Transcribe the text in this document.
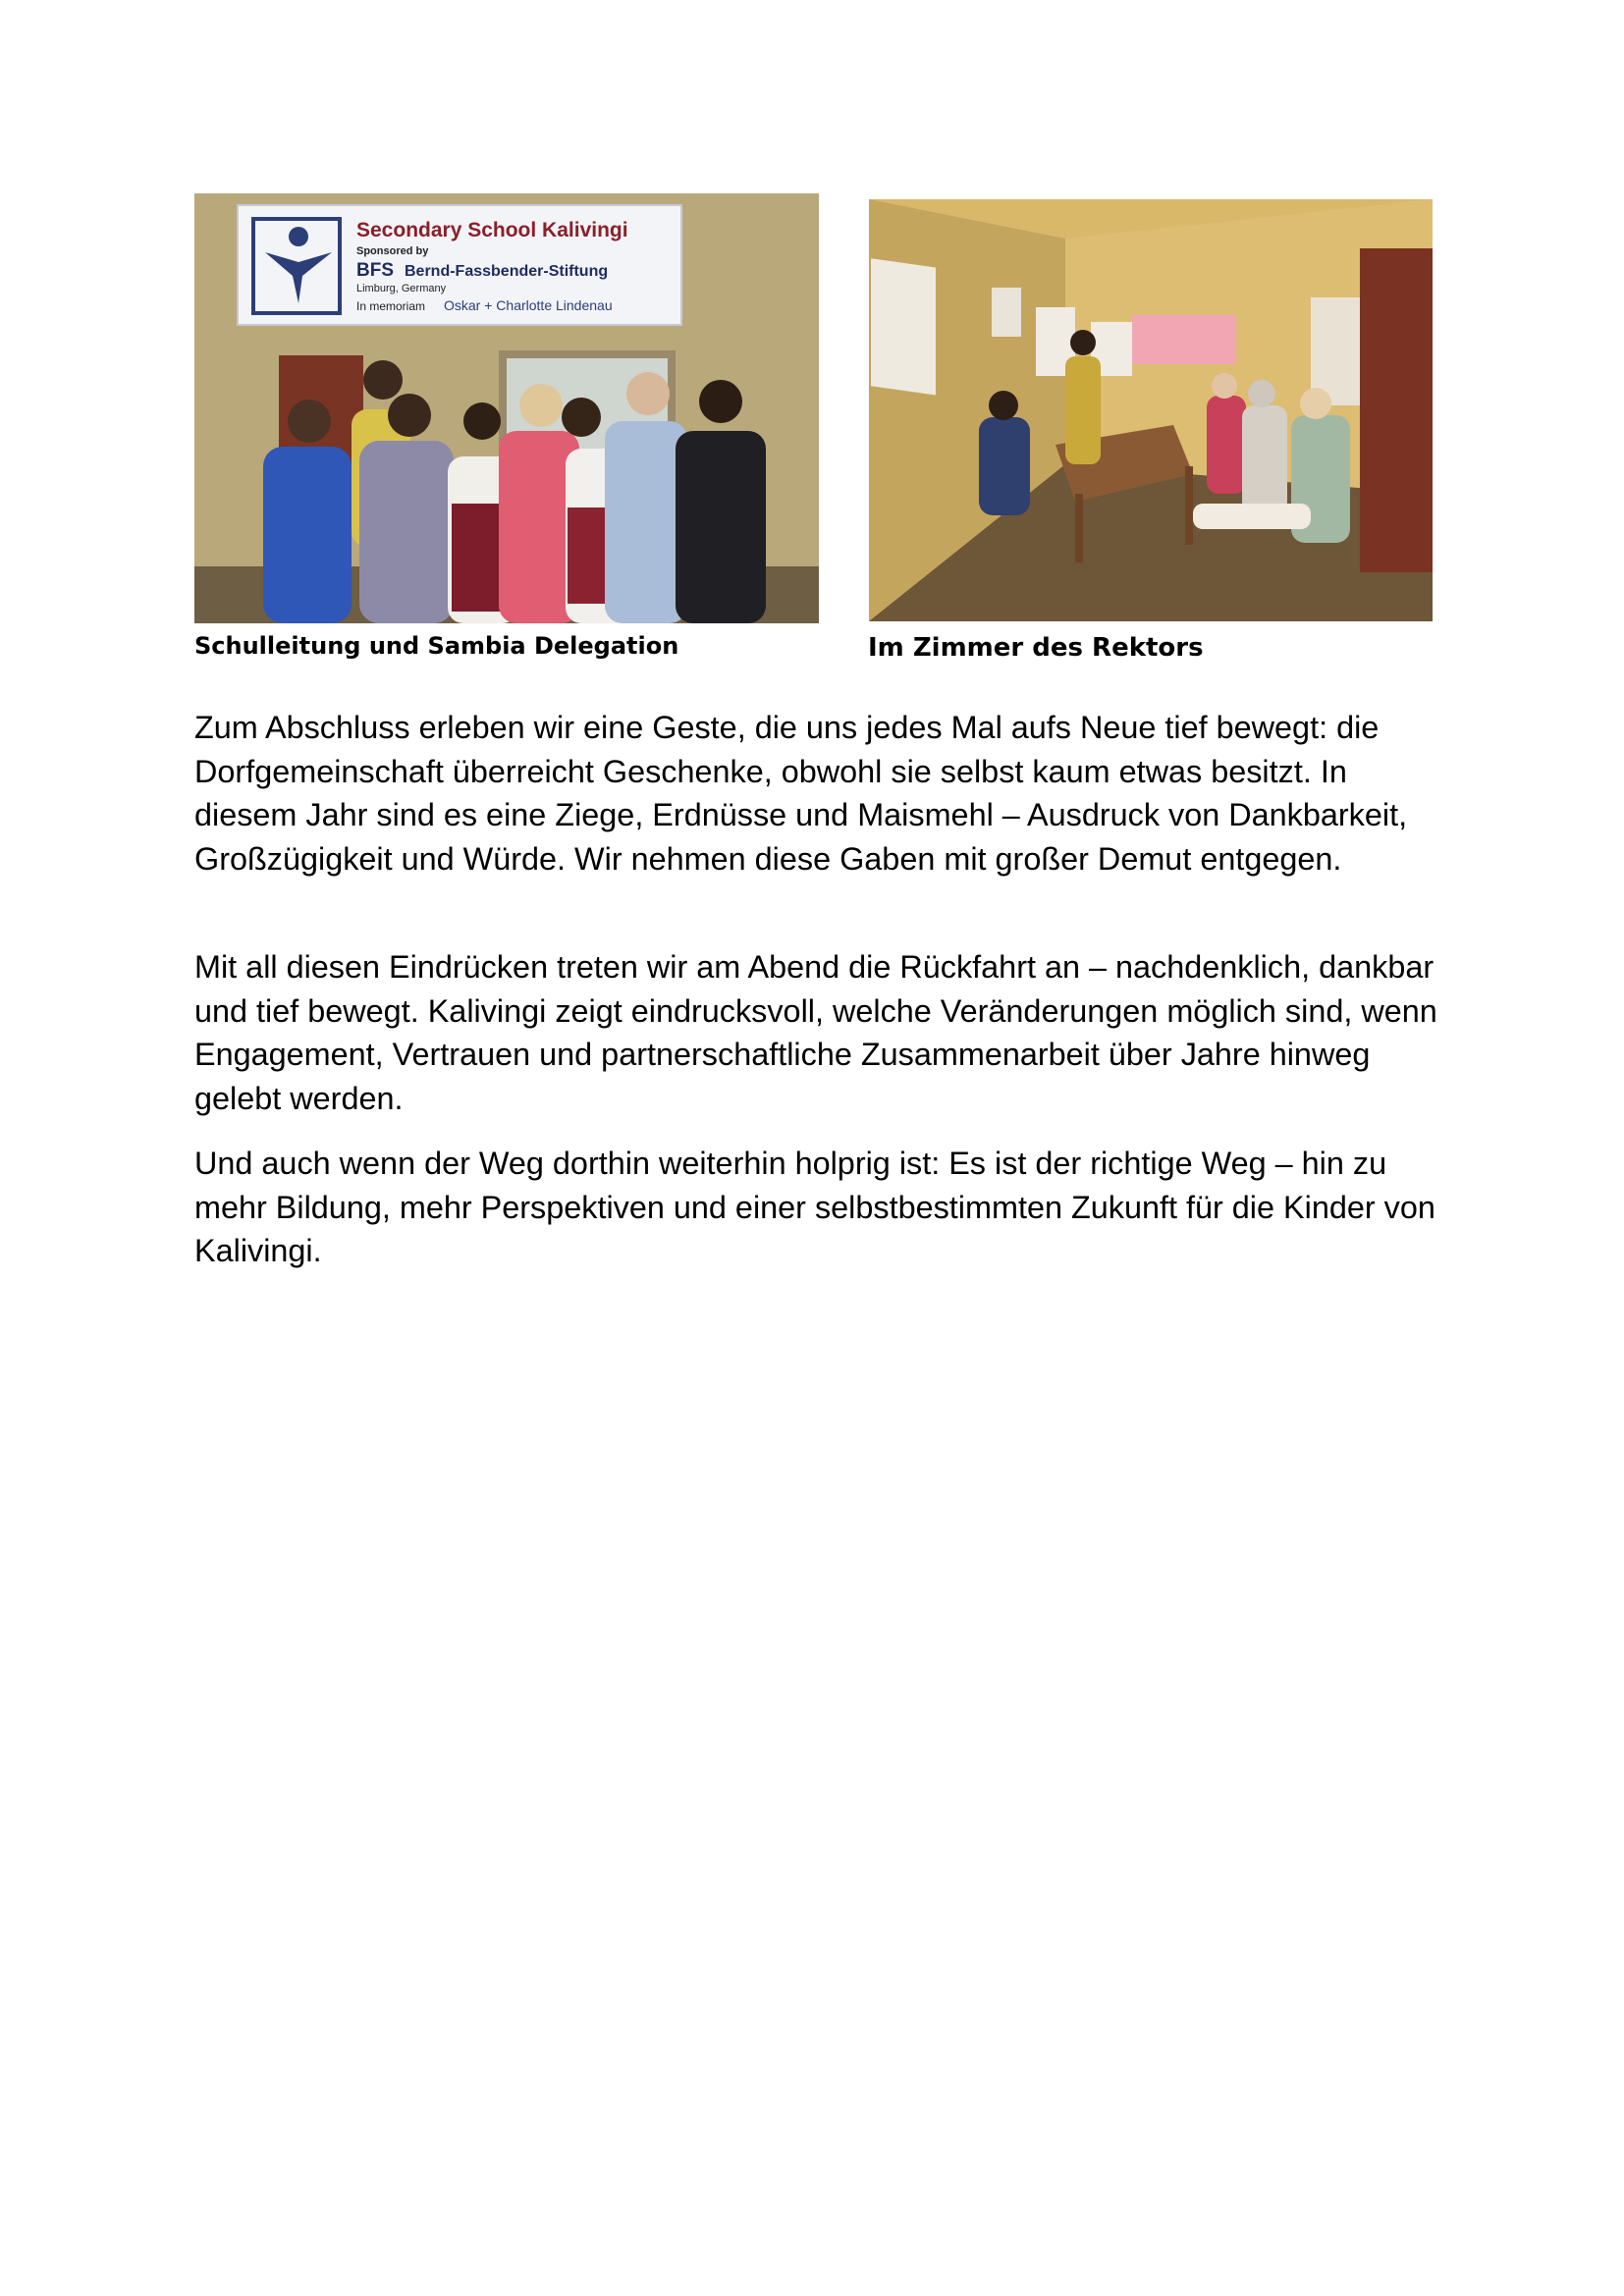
Secondary School Kalivingi
Sponsored by
BFS Bernd-Fassbender-Stiftung
Limburg, Germany
In memoriam Oskar + Charlotte Lindenau
Schulleitung und Sambia Delegation	Im Zimmer des Rektors

Zum Abschluss erleben wir eine Geste, die uns jedes Mal aufs Neue tief bewegt: die Dorfgemeinschaft überreicht Geschenke, obwohl sie selbst kaum etwas besitzt. In diesem Jahr sind es eine Ziege, Erdnüsse und Maismehl – Ausdruck von Dankbarkeit, Großzügigkeit und Würde. Wir nehmen diese Gaben mit großer Demut entgegen.

Mit all diesen Eindrücken treten wir am Abend die Rückfahrt an – nachdenklich, dankbar und tief bewegt. Kalivingi zeigt eindrucksvoll, welche Veränderungen möglich sind, wenn Engagement, Vertrauen und partnerschaftliche Zusammenarbeit über Jahre hinweg gelebt werden.

Und auch wenn der Weg dorthin weiterhin holprig ist: Es ist der richtige Weg – hin zu mehr Bildung, mehr Perspektiven und einer selbstbestimmten Zukunft für die Kinder von Kalivingi.
